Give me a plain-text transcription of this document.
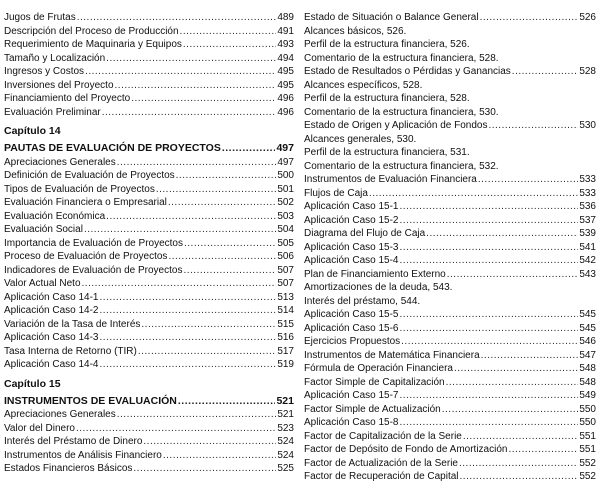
Jugos de Frutas .....	489
Descripción del Proceso de Producción .....	491
Requerimiento de Maquinaria y Equipos .....	493
Tamaño y Localización .....	494
Ingresos y Costos .....	495
Inversiones del Proyecto .....	495
Financiamiento del Proyecto .....	496
Evaluación Preliminar .....	496
Capítulo 14
PAUTAS DE EVALUACIÓN DE PROYECTOS .....	497
Apreciaciones Generales .....	497
Definición de Evaluación de Proyectos .....	500
Tipos de Evaluación de Proyectos .....	501
Evaluación Financiera o Empresarial .....	502
Evaluación Económica .....	503
Evaluación Social .....	504
Importancia de Evaluación de Proyectos .....	505
Proceso de Evaluación de Proyectos .....	506
Indicadores de Evaluación de Proyectos .....	507
Valor Actual Neto .....	507
Aplicación Caso 14-1 .....	513
Aplicación Caso 14-2 .....	514
Variación de la Tasa de Interés .....	515
Aplicación Caso 14-3 .....	516
Tasa Interna de Retorno (TIR) .....	517
Aplicación Caso 14-4 .....	519
Capítulo 15
INSTRUMENTOS DE EVALUACIÓN .....	521
Apreciaciones Generales .....	521
Valor del Dinero .....	523
Interés del Préstamo de Dinero .....	524
Instrumentos de Análisis Financiero .....	524
Estados Financieros Básicos .....	525
Estado de Situación o Balance General .....	526
Alcances básicos, 526.
Perfil de la estructura financiera, 526.
Comentario de la estructura financiera, 528.
Estado de Resultados o Pérdidas y Ganancias .....	528
Alcances específicos, 528.
Perfil de la estructura financiera, 528.
Comentario de la estructura financiera, 530.
Estado de Origen y Aplicación de Fondos .....	530
Alcances generales, 530.
Perfil de la estructura financiera, 531.
Comentario de la estructura financiera, 532.
Instrumentos de Evaluación Financiera .....	533
Flujos de Caja .....	533
Aplicación Caso 15-1 .....	536
Aplicación Caso 15-2 .....	537
Diagrama del Flujo de Caja .....	539
Aplicación Caso 15-3 .....	541
Aplicación Caso 15-4 .....	542
Plan de Financiamiento Externo .....	543
Amortizaciones de la deuda, 543.
Interés del préstamo, 544.
Aplicación Caso 15-5 .....	545
Aplicación Caso 15-6 .....	545
Ejercicios Propuestos .....	546
Instrumentos de Matemática Financiera .....	547
Fórmula de Operación Financiera .....	548
Factor Simple de Capitalización .....	548
Aplicación Caso 15-7 .....	549
Factor Simple de Actualización .....	550
Aplicación Caso 15-8 .....	550
Factor de Capitalización de la Serie .....	551
Factor de Depósito de Fondo de Amortización .....	551
Factor de Actualización de la Serie .....	552
Factor de Recuperación de Capital .....	552
